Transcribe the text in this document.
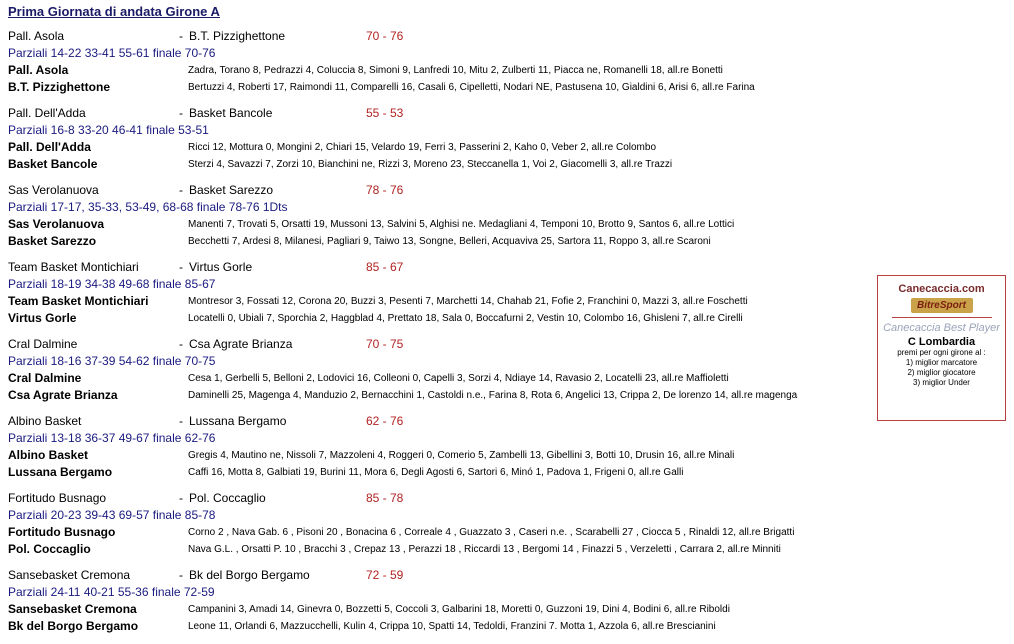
Prima Giornata di andata Girone A
Pall. Asola	- B.T. Pizzighettone	70 - 76
Parziali 14-22 33-41 55-61 finale 70-76
Pall. Asola	Zadra, Torano 8, Pedrazzi 4, Coluccia 8, Simoni 9, Lanfredi 10, Mitu 2, Zulberti 11, Piacca ne, Romanelli 18, all.re Bonetti
B.T. Pizzighettone	Bertuzzi 4, Roberti 17, Raimondi 11, Comparelli 16, Casali 6, Cipelletti, Nodari NE, Pastusena 10, Gialdini 6, Arisi 6, all.re Farina
Pall. Dell'Adda	- Basket Bancole	55 - 53
Parziali 16-8 33-20 46-41 finale 53-51
Pall. Dell'Adda	Ricci 12, Mottura 0, Mongini 2, Chiari 15, Velardo 19, Ferri 3, Passerini 2, Kaho 0, Veber 2, all.re Colombo
Basket Bancole	Sterzi 4, Savazzi 7, Zorzi 10, Bianchini ne, Rizzi 3, Moreno 23, Steccanella 1, Voi 2, Giacomelli 3, all.re Trazzi
Sas Verolanuova	- Basket Sarezzo	78 - 76
Parziali 17-17, 35-33, 53-49, 68-68 finale 78-76 1Dts
Sas Verolanuova	Manenti 7, Trovati 5, Orsatti 19, Mussoni 13, Salvini 5, Alghisi ne. Medagliani 4, Temponi 10, Brotto 9, Santos 6, all.re Lottici
Basket Sarezzo	Becchetti 7, Ardesi 8, Milanesi, Pagliari 9, Taiwo 13, Songne, Belleri, Acquaviva 25, Sartora 11, Roppo 3, all.re Scaroni
Team Basket Montichiari	- Virtus Gorle	85 - 67
Parziali 18-19 34-38 49-68 finale 85-67
Team Basket Montichiari	Montresor 3, Fossati 12, Corona 20, Buzzi 3, Pesenti 7, Marchetti 14, Chahab 21, Fofie 2, Franchini 0, Mazzi 3, all.re Foschetti
Virtus Gorle	Locatelli 0, Ubiali 7, Sporchia 2, Haggblad 4, Prettato 18, Sala 0, Boccafurni 2, Vestin 10, Colombo 16, Ghisleni 7, all.re Cirelli
Cral Dalmine	- Csa Agrate Brianza	70 - 75
Parziali 18-16 37-39 54-62 finale 70-75
Cral Dalmine	Cesa 1, Gerbelli 5, Belloni 2, Lodovici 16, Colleoni 0, Capelli 3, Sorzi 4, Ndiaye 14, Ravasio 2, Locatelli 23, all.re Maffioletti
Csa Agrate Brianza	Daminelli 25, Magenga 4, Manduzio 2, Bernacchini 1, Castoldi n.e., Farina 8, Rota 6, Angelici 13, Crippa 2, De lorenzo 14, all.re magenga
Albino Basket	- Lussana Bergamo	62 - 76
Parziali 13-18 36-37 49-67 finale 62-76
Albino Basket	Gregis 4, Mautino ne, Nissoli 7, Mazzoleni 4, Roggeri 0, Comerio 5, Zambelli 13, Gibellini 3, Botti 10, Drusin 16, all.re Minali
Lussana Bergamo	Caffi 16, Motta 8, Galbiati 19, Burini 11, Mora 6, Degli Agosti 6, Sartori 6, Minó 1, Padova 1, Frigeni 0, all.re Galli
Fortitudo Busnago	- Pol. Coccaglio	85 - 78
Parziali 20-23 39-43 69-57 finale 85-78
Fortitudo Busnago	Corno 2 , Nava Gab. 6 , Pisoni 20 , Bonacina 6 , Correale 4 , Guazzato 3 , Caseri n.e. , Scarabelli 27 , Ciocca 5 , Rinaldi 12, all.re Brigatti
Pol. Coccaglio	Nava G.L. , Orsatti P. 10 , Bracchi 3 , Crepaz 13 , Perazzi 18 , Riccardi 13 , Bergomi 14 , Finazzi 5 , Verzeletti , Carrara 2, all.re Minniti
Sansebasket Cremona	- Bk del Borgo Bergamo	72 - 59
Parziali 24-11 40-21 55-36 finale 72-59
Sansebasket Cremona	Campanini 3, Amadi 14, Ginevra 0, Bozzetti 5, Coccoli 3, Galbarini 18, Moretti 0, Guzzoni 19, Dini 4, Bodini 6, all.re Riboldi
Bk del Borgo Bergamo	Leone 11, Orlandi 6, Mazzucchelli, Kulin 4, Crippa 10, Spatti 14, Tedoldi, Franzini 7. Motta 1, Azzola 6, all.re Brescianini
Canecaccia.com
BitreSport
Canecaccia Best Player
C Lombardia
premi per ogni girone al :
1) miglior marcatore
2) miglior giocatore
3) miglior Under
